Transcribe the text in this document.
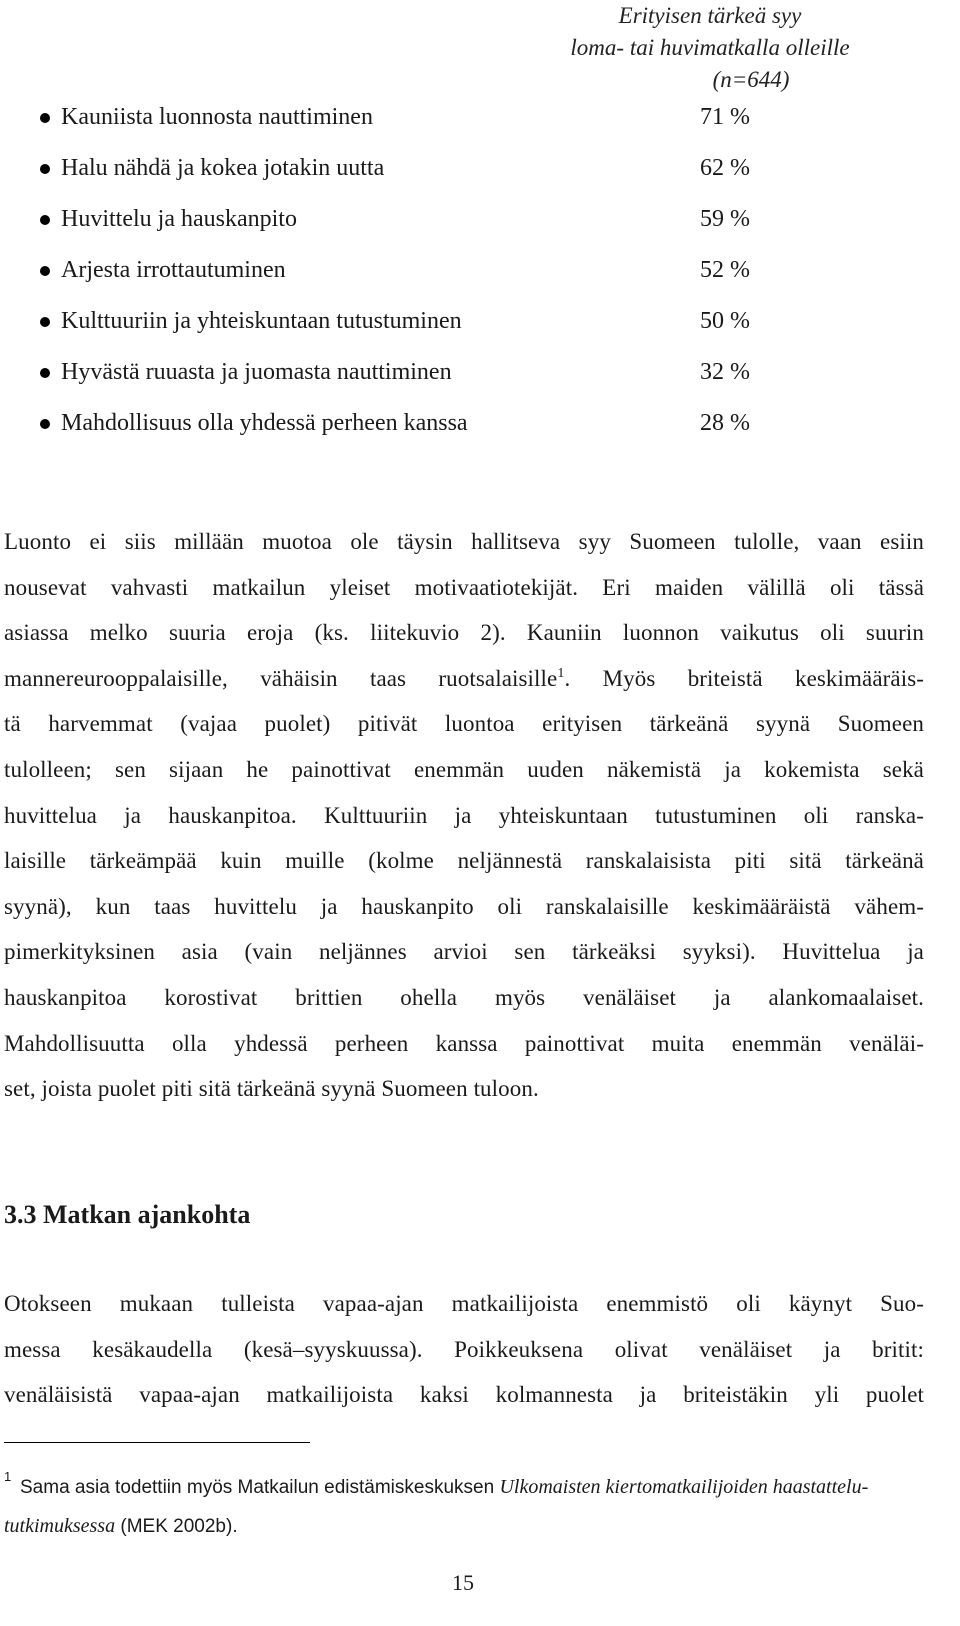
Erityisen tärkeä syy
loma- tai huvimatkalla olleille
(n=644)
Kauniista luonnosta nauttiminen	71 %
Halu nähdä ja kokea jotakin uutta	62 %
Huvittelu ja hauskanpito	59 %
Arjesta irrottautuminen	52 %
Kulttuuriin ja yhteiskuntaan tutustuminen	50 %
Hyvästä ruuasta ja juomasta nauttiminen	32 %
Mahdollisuus olla yhdessä perheen kanssa	28 %
Luonto ei siis millään muotoa ole täysin hallitseva syy Suomeen tulolle, vaan esiin
nousevat vahvasti matkailun yleiset motivaatiotekijät. Eri maiden välillä oli tässä
asiassa melko suuria eroja (ks. liitekuvio 2). Kauniin luonnon vaikutus oli suurin
mannereurooppalaisille, vähäisin taas ruotsalaisille$^1$. Myös briteistä keskimääräis-
tä harvemmat (vajaa puolet) pitivät luontoa erityisen tärkeänä syynä Suomeen
tulolleen; sen sijaan he painottivat enemmän uuden näkemistä ja kokemista sekä
huvittelua ja hauskanpitoa. Kulttuuriin ja yhteiskuntaan tutustuminen oli ranska-
laisille tärkeämpää kuin muille (kolme neljännestä ranskalaisista piti sitä tärkeänä
syynä), kun taas huvittelu ja hauskanpito oli ranskalaisille keskimääräistä vähem-
pimerkityksinen asia (vain neljännes arvioi sen tärkeäksi syyksi). Huvittelua ja
hauskanpitoa korostivat brittien ohella myös venäläiset ja alankomaalaiset.
Mahdollisuutta olla yhdessä perheen kanssa painottivat muita enemmän venäläi-
set, joista puolet piti sitä tärkeänä syynä Suomeen tuloon.
3.3 Matkan ajankohta
Otokseen mukaan tulleista vapaa-ajan matkailijoista enemmistö oli käynyt Suo-
messa kesäkaudella (kesä–syyskuussa). Poikkeuksena olivat venäläiset ja britit:
venäläisistä vapaa-ajan matkailijoista kaksi kolmannesta ja briteistäkin yli puolet
1
Sama asia todettiin myös Matkailun edistämiskeskuksen Ulkomaisten kiertomatkailijoiden haastattelu-
tutkimuksessa (MEK 2002b).
15
